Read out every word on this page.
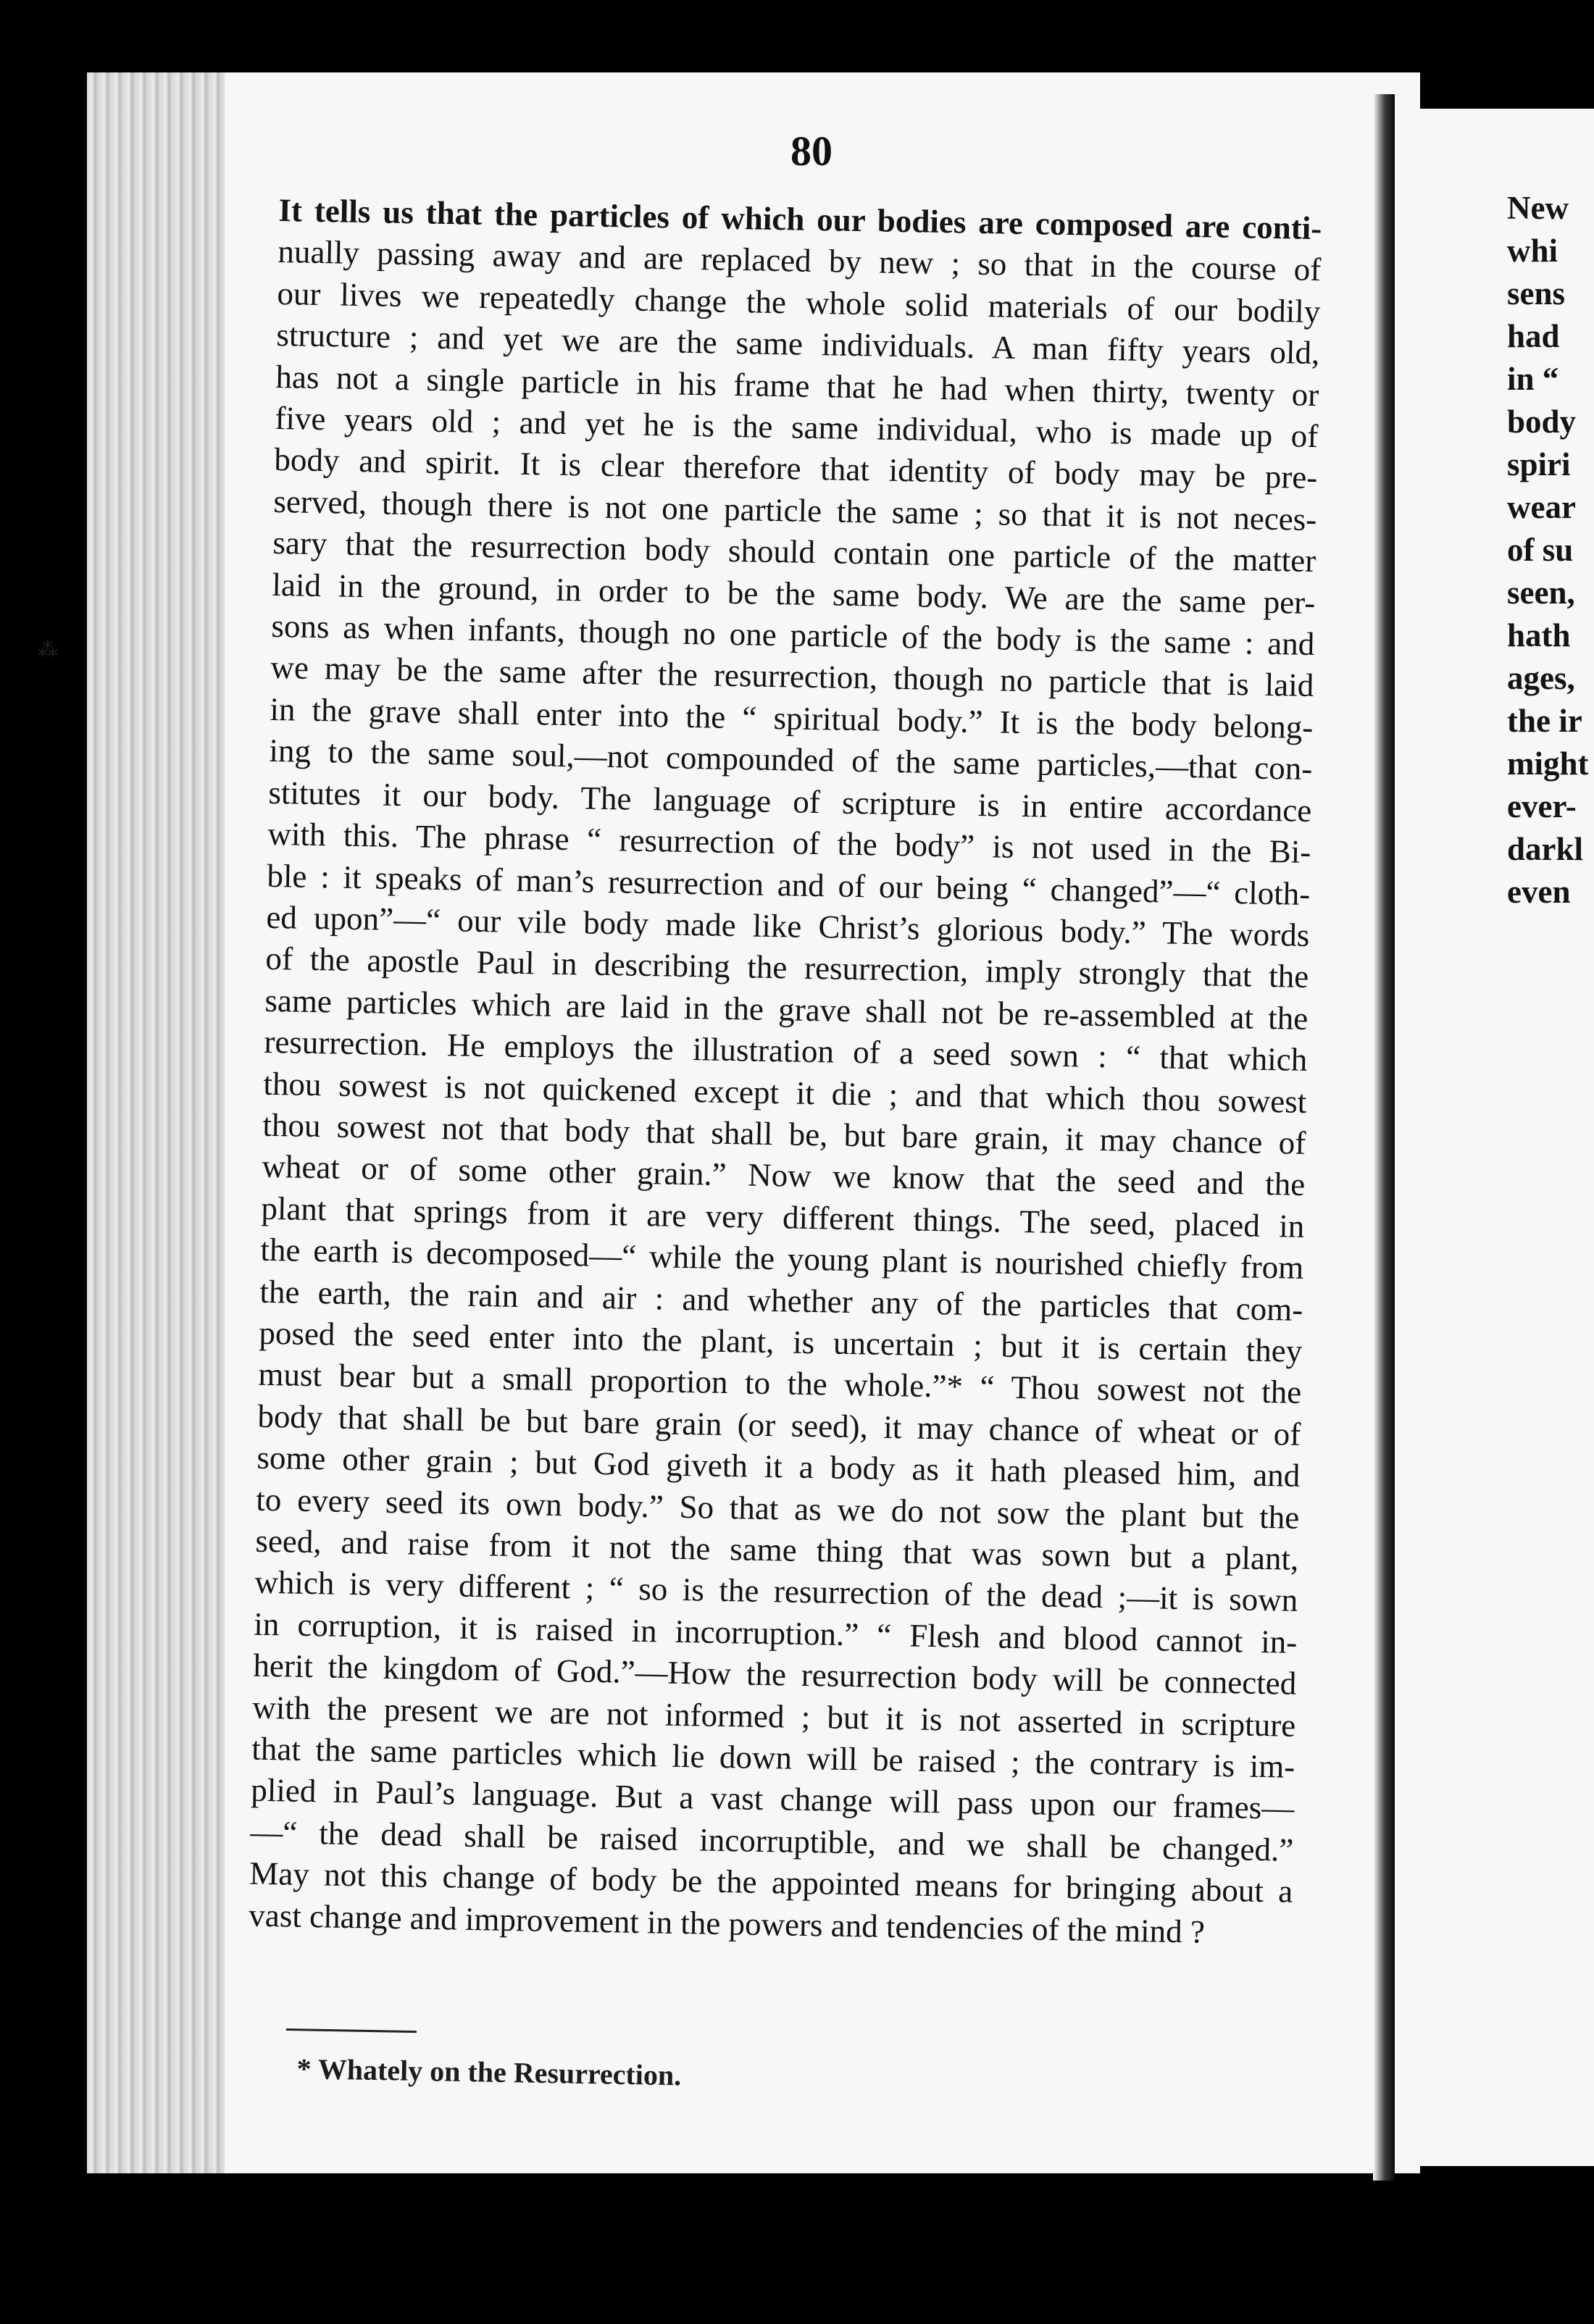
80
It tells us that the particles of which our bodies are composed are conti-
nually passing away and are replaced by new ; so that in the course of
our lives we repeatedly change the whole solid materials of our bodily
structure ; and yet we are the same individuals. A man fifty years old,
has not a single particle in his frame that he had when thirty, twenty or
five years old ; and yet he is the same individual, who is made up of
body and spirit. It is clear therefore that identity of body may be pre-
served, though there is not one particle the same ; so that it is not neces-
sary that the resurrection body should contain one particle of the matter
laid in the ground, in order to be the same body. We are the same per-
sons as when infants, though no one particle of the body is the same : and
we may be the same after the resurrection, though no particle that is laid
in the grave shall enter into the “ spiritual body.” It is the body belong-
ing to the same soul,—not compounded of the same particles,—that con-
stitutes it our body. The language of scripture is in entire accordance
with this. The phrase “ resurrection of the body” is not used in the Bi-
ble : it speaks of man’s resurrection and of our being “ changed”—“ cloth-
ed upon”—“ our vile body made like Christ’s glorious body.” The words
of the apostle Paul in describing the resurrection, imply strongly that the
same particles which are laid in the grave shall not be re-assembled at the
resurrection. He employs the illustration of a seed sown : “ that which
thou sowest is not quickened except it die ; and that which thou sowest
thou sowest not that body that shall be, but bare grain, it may chance of
wheat or of some other grain.” Now we know that the seed and the
plant that springs from it are very different things. The seed, placed in
the earth is decomposed—“ while the young plant is nourished chiefly from
the earth, the rain and air : and whether any of the particles that com-
posed the seed enter into the plant, is uncertain ; but it is certain they
must bear but a small proportion to the whole.”* “ Thou sowest not the
body that shall be but bare grain (or seed), it may chance of wheat or of
some other grain ; but God giveth it a body as it hath pleased him, and
to every seed its own body.” So that as we do not sow the plant but the
seed, and raise from it not the same thing that was sown but a plant,
which is very different ; “ so is the resurrection of the dead ;—it is sown
in corruption, it is raised in incorruption.” “ Flesh and blood cannot in-
herit the kingdom of God.”—How the resurrection body will be connected
with the present we are not informed ; but it is not asserted in scripture
that the same particles which lie down will be raised ; the contrary is im-
plied in Paul’s language. But a vast change will pass upon our frames—
—“ the dead shall be raised incorruptible, and we shall be changed.”
May not this change of body be the appointed means for bringing about a
vast change and improvement in the powers and tendencies of the mind ?
* Whately on the Resurrection.
New
whi
sens
had
in “
body
spiri
wear
of su
seen,
hath
ages,
the ir
might
ever-
darkl
even
⁂
